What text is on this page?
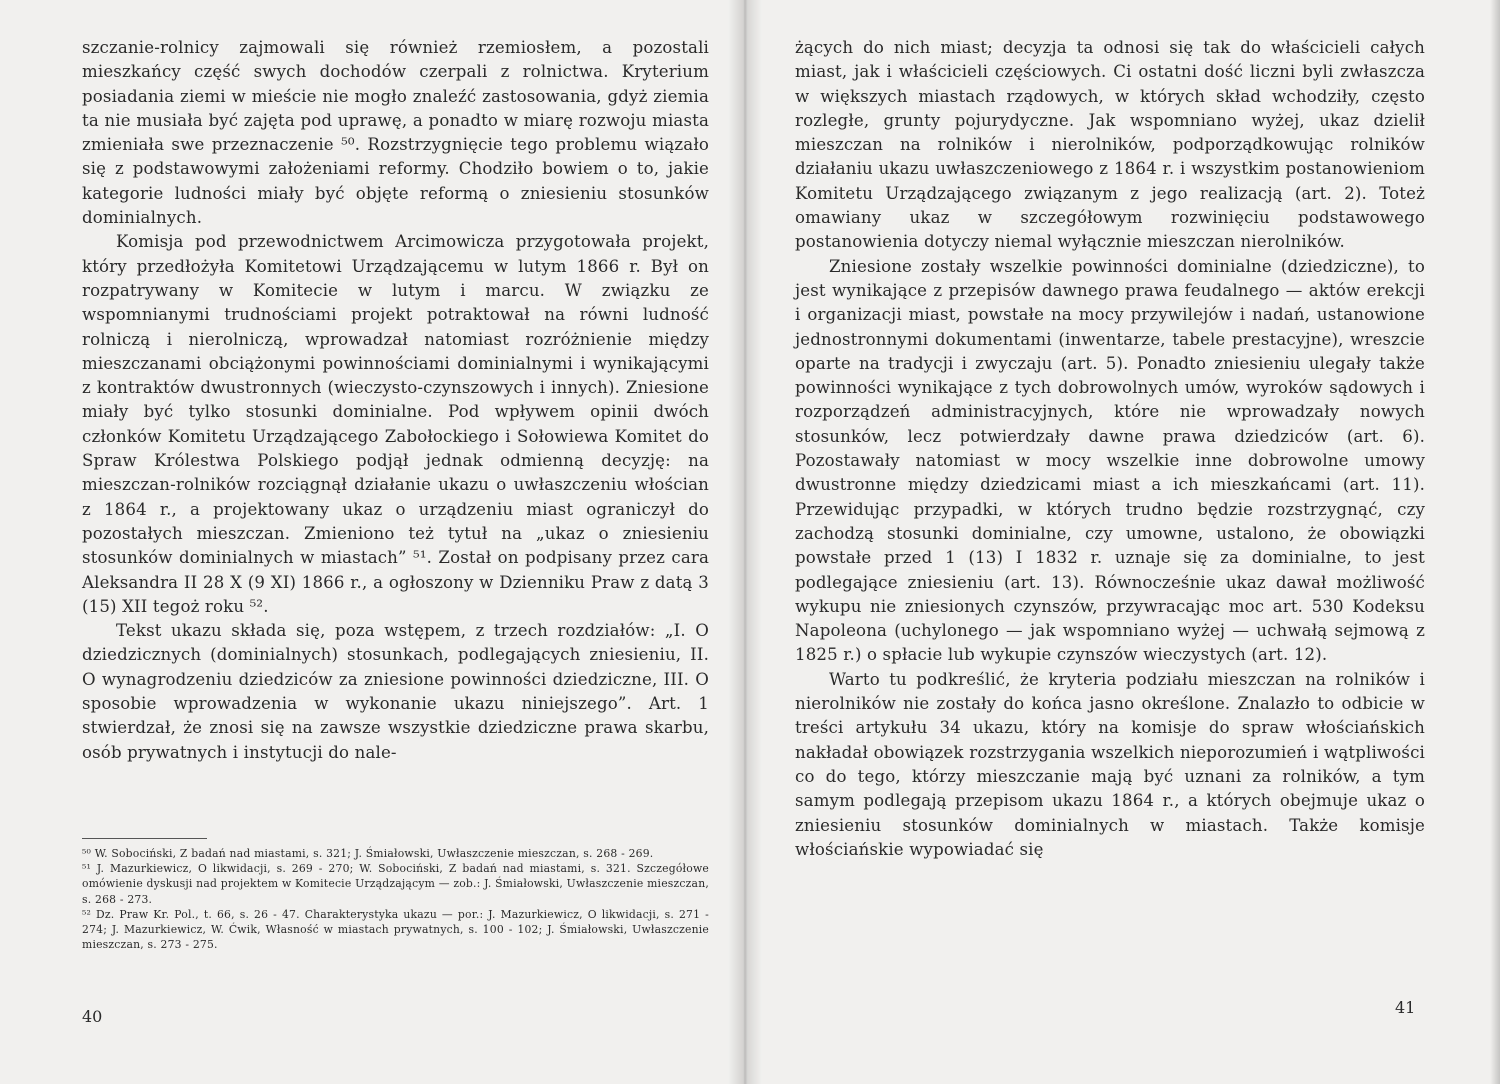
szczanie-rolnicy zajmowali się również rzemiosłem, a pozostali mieszkańcy część swych dochodów czerpali z rolnictwa. Kryterium posiadania ziemi w mieście nie mogło znaleźć zastosowania, gdyż ziemia ta nie musiała być zajęta pod uprawę, a ponadto w miarę rozwoju miasta zmieniała swe przeznaczenie ⁵⁰. Rozstrzygnięcie tego problemu wiązało się z podstawowymi założeniami reformy. Chodziło bowiem o to, jakie kategorie ludności miały być objęte reformą o zniesieniu stosunków dominialnych.

Komisja pod przewodnictwem Arcimowicza przygotowała projekt, który przedłożyła Komitetowi Urządzającemu w lutym 1866 r. Był on rozpatrywany w Komitecie w lutym i marcu. W związku ze wspomnianymi trudnościami projekt potraktował na równi ludność rolniczą i nierolniczą, wprowadzał natomiast rozróżnienie między mieszczanami obciążonymi powinnościami dominialnymi i wynikającymi z kontraktów dwustronnych (wieczysto-czynszowych i innych). Zniesione miały być tylko stosunki dominialne. Pod wpływem opinii dwóch członków Komitetu Urządzającego Zabołockiego i Sołowiewa Komitet do Spraw Królestwa Polskiego podjął jednak odmienną decyzję: na mieszczan-rolników rozciągnął działanie ukazu o uwłaszczeniu włościan z 1864 r., a projektowany ukaz o urządzeniu miast ograniczył do pozostałych mieszczan. Zmieniono też tytuł na „ukaz o zniesieniu stosunków dominialnych w miastach” ⁵¹. Został on podpisany przez cara Aleksandra II 28 X (9 XI) 1866 r., a ogłoszony w Dzienniku Praw z datą 3 (15) XII tegoż roku ⁵².

Tekst ukazu składa się, poza wstępem, z trzech rozdziałów: „I. O dziedzicznych (dominialnych) stosunkach, podlegających zniesieniu, II. O wynagrodzeniu dziedziców za zniesione powinności dziedziczne, III. O sposobie wprowadzenia w wykonanie ukazu niniejszego”. Art. 1 stwierdzał, że znosi się na zawsze wszystkie dziedziczne prawa skarbu, osób prywatnych i instytucji do nale-

⁵⁰ W. Sobociński, Z badań nad miastami, s. 321; J. Śmiałowski, Uwłaszczenie mieszczan, s. 268 - 269.

⁵¹ J. Mazurkiewicz, O likwidacji, s. 269 - 270; W. Sobociński, Z badań nad miastami, s. 321. Szczegółowe omówienie dyskusji nad projektem w Komitecie Urządzającym — zob.: J. Śmiałowski, Uwłaszczenie mieszczan, s. 268 - 273.

⁵² Dz. Praw Kr. Pol., t. 66, s. 26 - 47. Charakterystyka ukazu — por.: J. Mazurkiewicz, O likwidacji, s. 271 - 274; J. Mazurkiewicz, W. Ćwik, Własność w miastach prywatnych, s. 100 - 102; J. Śmiałowski, Uwłaszczenie mieszczan, s. 273 - 275.

40

żących do nich miast; decyzja ta odnosi się tak do właścicieli całych miast, jak i właścicieli częściowych. Ci ostatni dość liczni byli zwłaszcza w większych miastach rządowych, w których skład wchodziły, często rozległe, grunty pojurydyczne. Jak wspomniano wyżej, ukaz dzielił mieszczan na rolników i nierolników, podporządkowując rolników działaniu ukazu uwłaszczeniowego z 1864 r. i wszystkim postanowieniom Komitetu Urządzającego związanym z jego realizacją (art. 2). Toteż omawiany ukaz w szczegółowym rozwinięciu podstawowego postanowienia dotyczy niemal wyłącznie mieszczan nierolników.

Zniesione zostały wszelkie powinności dominialne (dziedziczne), to jest wynikające z przepisów dawnego prawa feudalnego — aktów erekcji i organizacji miast, powstałe na mocy przywilejów i nadań, ustanowione jednostronnymi dokumentami (inwentarze, tabele prestacyjne), wreszcie oparte na tradycji i zwyczaju (art. 5). Ponadto zniesieniu ulegały także powinności wynikające z tych dobrowolnych umów, wyroków sądowych i rozporządzeń administracyjnych, które nie wprowadzały nowych stosunków, lecz potwierdzały dawne prawa dziedziców (art. 6). Pozostawały natomiast w mocy wszelkie inne dobrowolne umowy dwustronne między dziedzicami miast a ich mieszkańcami (art. 11). Przewidując przypadki, w których trudno będzie rozstrzygnąć, czy zachodzą stosunki dominialne, czy umowne, ustalono, że obowiązki powstałe przed 1 (13) I 1832 r. uznaje się za dominialne, to jest podlegające zniesieniu (art. 13). Równocześnie ukaz dawał możliwość wykupu nie zniesionych czynszów, przywracając moc art. 530 Kodeksu Napoleona (uchylonego — jak wspomniano wyżej — uchwałą sejmową z 1825 r.) o spłacie lub wykupie czynszów wieczystych (art. 12).

Warto tu podkreślić, że kryteria podziału mieszczan na rolników i nierolników nie zostały do końca jasno określone. Znalazło to odbicie w treści artykułu 34 ukazu, który na komisje do spraw włościańskich nakładał obowiązek rozstrzygania wszelkich nieporozumień i wątpliwości co do tego, którzy mieszczanie mają być uznani za rolników, a tym samym podlegają przepisom ukazu 1864 r., a których obejmuje ukaz o zniesieniu stosunków dominialnych w miastach. Także komisje włościańskie wypowiadać się

41
